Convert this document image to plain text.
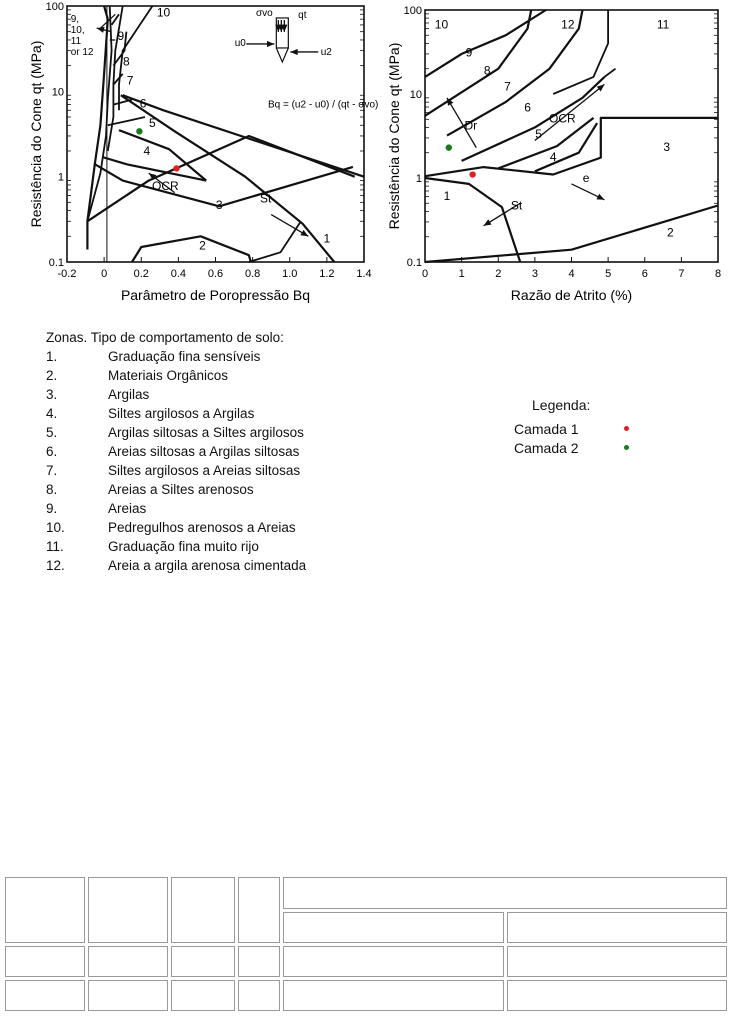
-0.2 0 0.2 0.4 0.6 0.8 1.0 1.2 1.4
0.1
1
10
100
Parâmetro de Poropressão Bq
Resistência do Cone qt (MPa)
1
2
3
4
5
6
7
8
9
10
9, 10, 11 or 12
OCR
St
σvo	qt
u0
u2
Bq = (u2 - u0) / (qt - σvo)
0	1	2	3	4	5	6	7	8
0.1
1
10
100
Razão de Atrito (%)
Resistência do Cone qt (MPa)	1
2
3
4
5
6
7
8
9
10	11
12
Dr	OCR
e
St
Zonas. Tipo de comportamento de solo:
1.	Graduação fina sensíveis
2.	Materiais Orgânicos
3.	Argilas
4.	Siltes argilosos a Argilas
5.	Argilas siltosas a Siltes argilosos
6.	Areias siltosas a Argilas siltosas
7.	Siltes argilosos a Areias siltosas
8.	Areias a Siltes arenosos
9.	Areias
10.	Pedregulhos arenosos a Areias
11.	Graduação fina muito rijo
12.	Areia a argila arenosa cimentada
Legenda:
Camada 1
Camada 2
